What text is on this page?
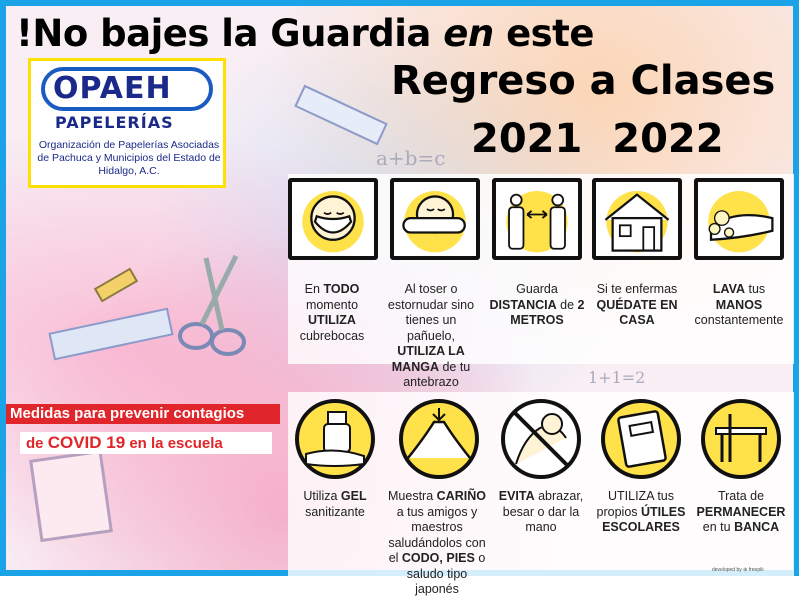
a+b=c
1+1=2
!No bajes la Guardia en este
Regreso a Clases
2021 2022
OPAEH
PAPELERÍAS
Organización de Papelerías Asociadas de Pachuca y Municipios del Estado de Hidalgo, A.C.
Medidas para prevenir contagios
de COVID 19 en la escuela
En TODO momento UTILIZA cubrebocas
Al toser o estornudar sino tienes un pañuelo, UTILIZA LA MANGA de tu antebrazo
Guarda DISTANCIA de 2 METROS
Si te enfermas QUÉDATE EN CASA
LAVA tus MANOS constantemente
Utiliza GEL sanitizante
Muestra CARIÑO a tus amigos y maestros saludándolos con el CODO, PIES o saludo tipo japonés
EVITA abrazar, besar o dar la mano
UTILIZA tus propios ÚTILES ESCOLARES
Trata de PERMANECER en tu BANCA
developed by ⊕ freepik
